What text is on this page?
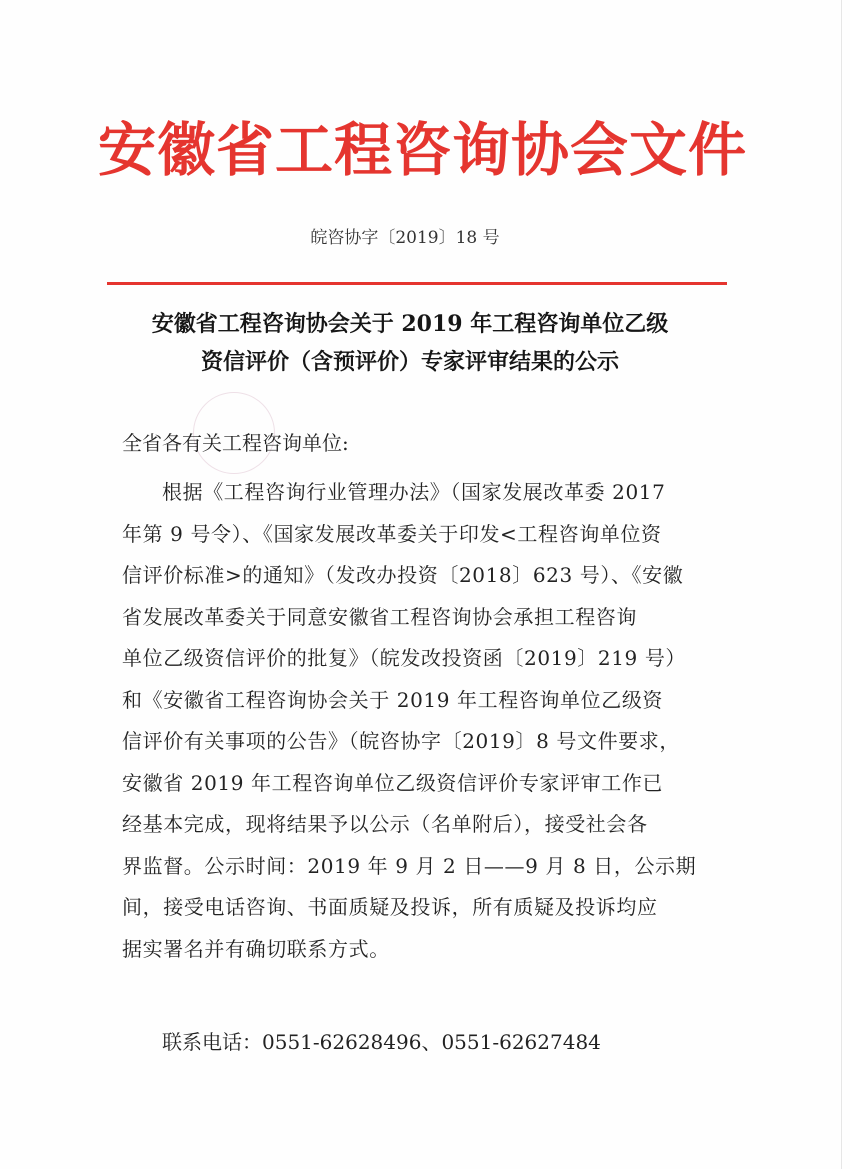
安徽省工程咨询协会文件
皖咨协字〔2019〕18 号
安徽省工程咨询协会关于 2019 年工程咨询单位乙级
资信评价（含预评价）专家评审结果的公示
全省各有关工程咨询单位:
根据《工程咨询行业管理办法》（国家发展改革委 2017
年第 9 号令）、《国家发展改革委关于印发<工程咨询单位资
信评价标准>的通知》（发改办投资〔2018〕623 号）、《安徽
省发展改革委关于同意安徽省工程咨询协会承担工程咨询
单位乙级资信评价的批复》（皖发改投资函〔2019〕219 号）
和《安徽省工程咨询协会关于 2019 年工程咨询单位乙级资
信评价有关事项的公告》（皖咨协字〔2019〕8 号文件要求，
安徽省 2019 年工程咨询单位乙级资信评价专家评审工作已
经基本完成，现将结果予以公示（名单附后），接受社会各
界监督。公示时间：2019 年 9 月 2 日——9 月 8 日，公示期
间，接受电话咨询、书面质疑及投诉，所有质疑及投诉均应
据实署名并有确切联系方式。
联系电话：0551-62628496、0551-62627484
